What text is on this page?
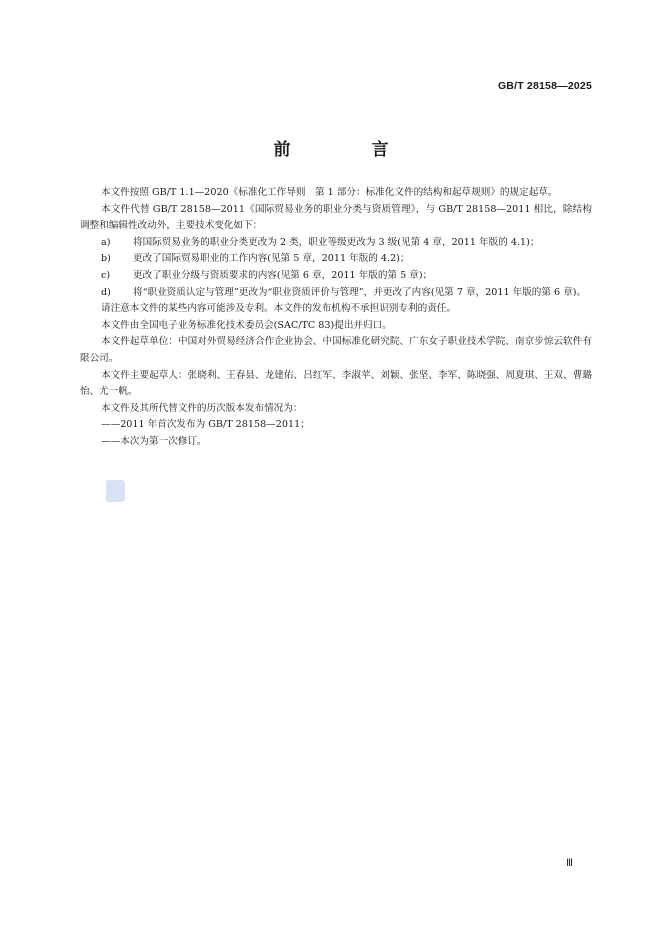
GB/T 28158—2025
前　言

本文件按照 GB/T 1.1—2020《标准化工作导则　第 1 部分：标准化文件的结构和起草规则》的规定起草。

本文件代替 GB/T 28158—2011《国际贸易业务的职业分类与资质管理》，与 GB/T 28158—2011 相比，除结构调整和编辑性改动外，主要技术变化如下：

a)	将国际贸易业务的职业分类更改为 2 类，职业等级更改为 3 级(见第 4 章，2011 年版的 4.1)；
b)	更改了国际贸易职业的工作内容(见第 5 章，2011 年版的 4.2)；
c)	更改了职业分级与资质要求的内容(见第 6 章，2011 年版的第 5 章)；
d)	将“职业资质认定与管理”更改为“职业资质评价与管理”，并更改了内容(见第 7 章，2011 年版的第 6 章)。

请注意本文件的某些内容可能涉及专利。本文件的发布机构不承担识别专利的责任。

本文件由全国电子业务标准化技术委员会(SAC/TC 83)提出并归口。

本文件起草单位：中国对外贸易经济合作企业协会、中国标准化研究院、广东女子职业技术学院、南京步惊云软件有限公司。

本文件主要起草人：张晓利、王春县、龙建佑、吕红军、李淑苹、刘颖、张坚、李军、陈晓强、周夏琪、王双、曹璐怡、尤一帆。

本文件及其所代替文件的历次版本发布情况为：

——2011 年首次发布为 GB/T 28158—2011；
——本次为第一次修订。
Ⅲ
